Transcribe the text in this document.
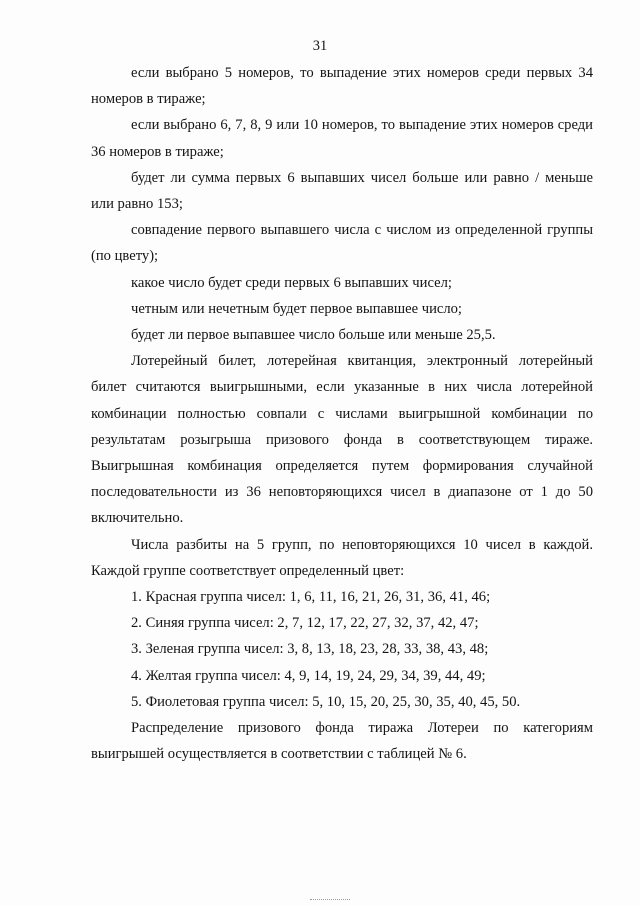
31

если выбрано 5 номеров, то выпадение этих номеров среди первых 34 номеров в тираже;

если выбрано 6, 7, 8, 9 или 10 номеров, то выпадение этих номеров среди 36 номеров в тираже;

будет ли сумма первых 6 выпавших чисел больше или равно / меньше или равно 153;

совпадение первого выпавшего числа с числом из определенной группы (по цвету);

какое число будет среди первых 6 выпавших чисел;

четным или нечетным будет первое выпавшее число;

будет ли первое выпавшее число больше или меньше 25,5.

Лотерейный билет, лотерейная квитанция, электронный лотерейный билет считаются выигрышными, если указанные в них числа лотерейной комбинации полностью совпали с числами выигрышной комбинации по результатам розыгрыша призового фонда в соответствующем тираже. Выигрышная комбинация определяется путем формирования случайной последовательности из 36 неповторяющихся чисел в диапазоне от 1 до 50 включительно.

Числа разбиты на 5 групп, по неповторяющихся 10 чисел в каждой. Каждой группе соответствует определенный цвет:

1. Красная группа чисел: 1, 6, 11, 16, 21, 26, 31, 36, 41, 46;

2. Синяя группа чисел: 2, 7, 12, 17, 22, 27, 32, 37, 42, 47;

3. Зеленая группа чисел: 3, 8, 13, 18, 23, 28, 33, 38, 43, 48;

4. Желтая группа чисел: 4, 9, 14, 19, 24, 29, 34, 39, 44, 49;

5. Фиолетовая группа чисел: 5, 10, 15, 20, 25, 30, 35, 40, 45, 50.

Распределение призового фонда тиража Лотереи по категориям выигрышей осуществляется в соответствии с таблицей № 6.
